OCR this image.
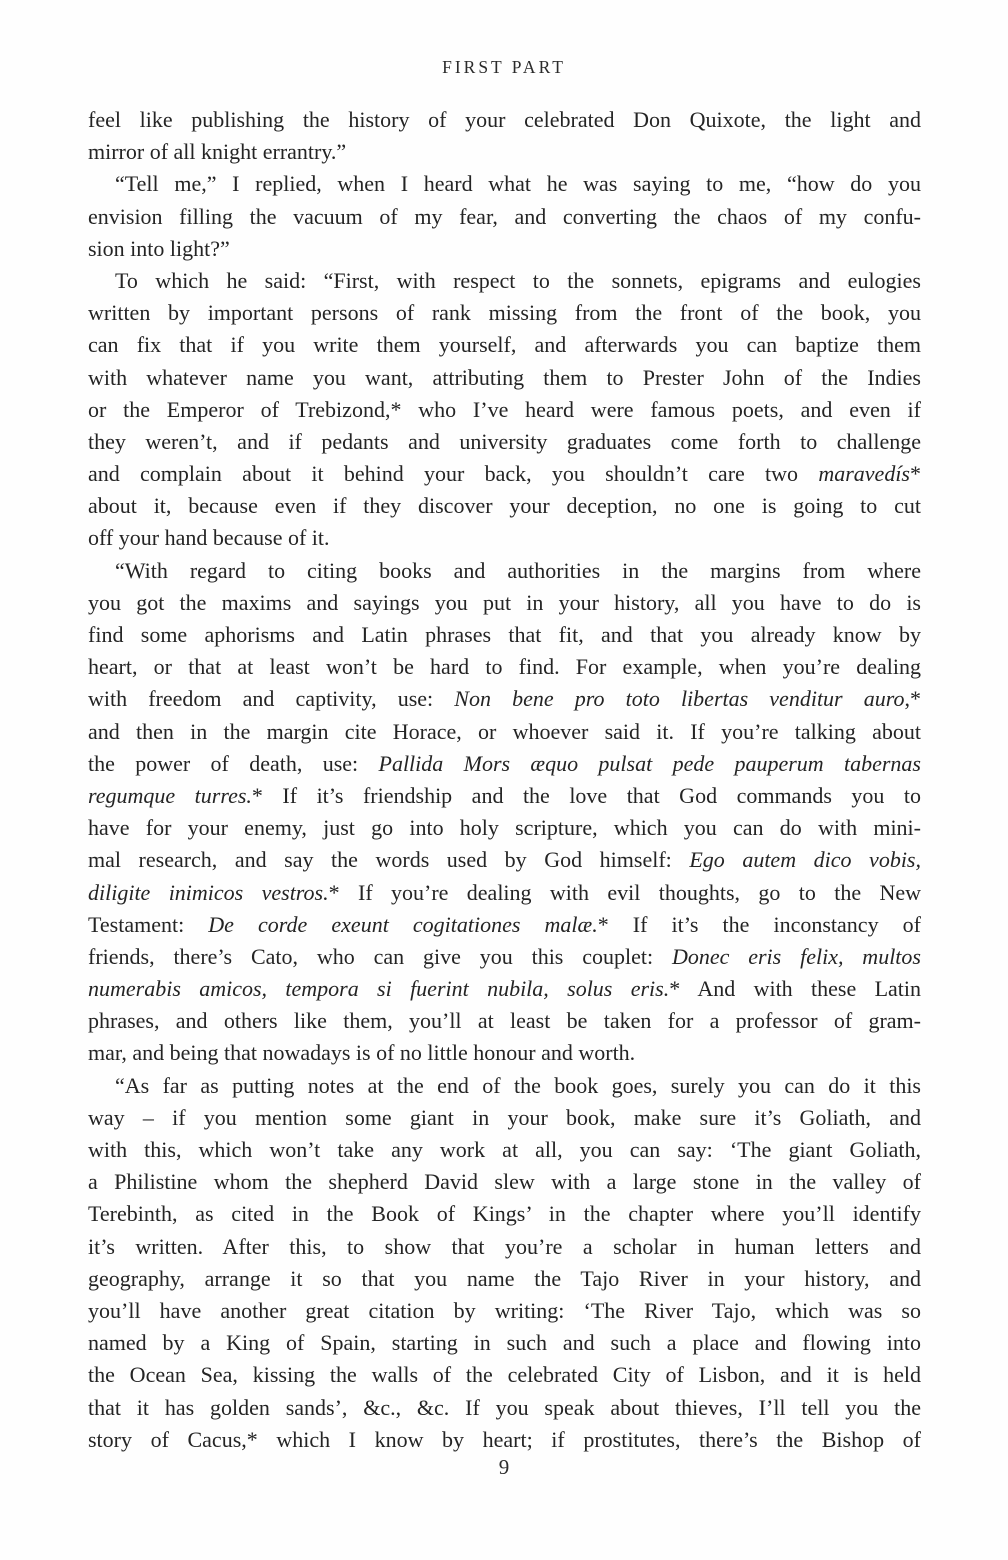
FIRST PART
feel like publishing the history of your celebrated Don Quixote, the light and
mirror of all knight errantry.”
“Tell me,” I replied, when I heard what he was saying to me, “how do you
envision filling the vacuum of my fear, and converting the chaos of my confu-
sion into light?”
To which he said: “First, with respect to the sonnets, epigrams and eulogies
written by important persons of rank missing from the front of the book, you
can fix that if you write them yourself, and afterwards you can baptize them
with whatever name you want, attributing them to Prester John of the Indies
or the Emperor of Trebizond,* who I’ve heard were famous poets, and even if
they weren’t, and if pedants and university graduates come forth to challenge
and complain about it behind your back, you shouldn’t care two maravedís*
about it, because even if they discover your deception, no one is going to cut
off your hand because of it.
“With regard to citing books and authorities in the margins from where
you got the maxims and sayings you put in your history, all you have to do is
find some aphorisms and Latin phrases that fit, and that you already know by
heart, or that at least won’t be hard to find. For example, when you’re dealing
with freedom and captivity, use: Non bene pro toto libertas venditur auro,*
and then in the margin cite Horace, or whoever said it. If you’re talking about
the power of death, use: Pallida Mors æquo pulsat pede pauperum tabernas
regumque turres.* If it’s friendship and the love that God commands you to
have for your enemy, just go into holy scripture, which you can do with mini-
mal research, and say the words used by God himself: Ego autem dico vobis,
diligite inimicos vestros.* If you’re dealing with evil thoughts, go to the New
Testament: De corde exeunt cogitationes malæ.* If it’s the inconstancy of
friends, there’s Cato, who can give you this couplet: Donec eris felix, multos
numerabis amicos, tempora si fuerint nubila, solus eris.* And with these Latin
phrases, and others like them, you’ll at least be taken for a professor of gram-
mar, and being that nowadays is of no little honour and worth.
“As far as putting notes at the end of the book goes, surely you can do it this
way – if you mention some giant in your book, make sure it’s Goliath, and
with this, which won’t take any work at all, you can say: ‘The giant Goliath,
a Philistine whom the shepherd David slew with a large stone in the valley of
Terebinth, as cited in the Book of Kings’ in the chapter where you’ll identify
it’s written. After this, to show that you’re a scholar in human letters and
geography, arrange it so that you name the Tajo River in your history, and
you’ll have another great citation by writing: ‘The River Tajo, which was so
named by a King of Spain, starting in such and such a place and flowing into
the Ocean Sea, kissing the walls of the celebrated City of Lisbon, and it is held
that it has golden sands’, &c., &c. If you speak about thieves, I’ll tell you the
story of Cacus,* which I know by heart; if prostitutes, there’s the Bishop of
9
